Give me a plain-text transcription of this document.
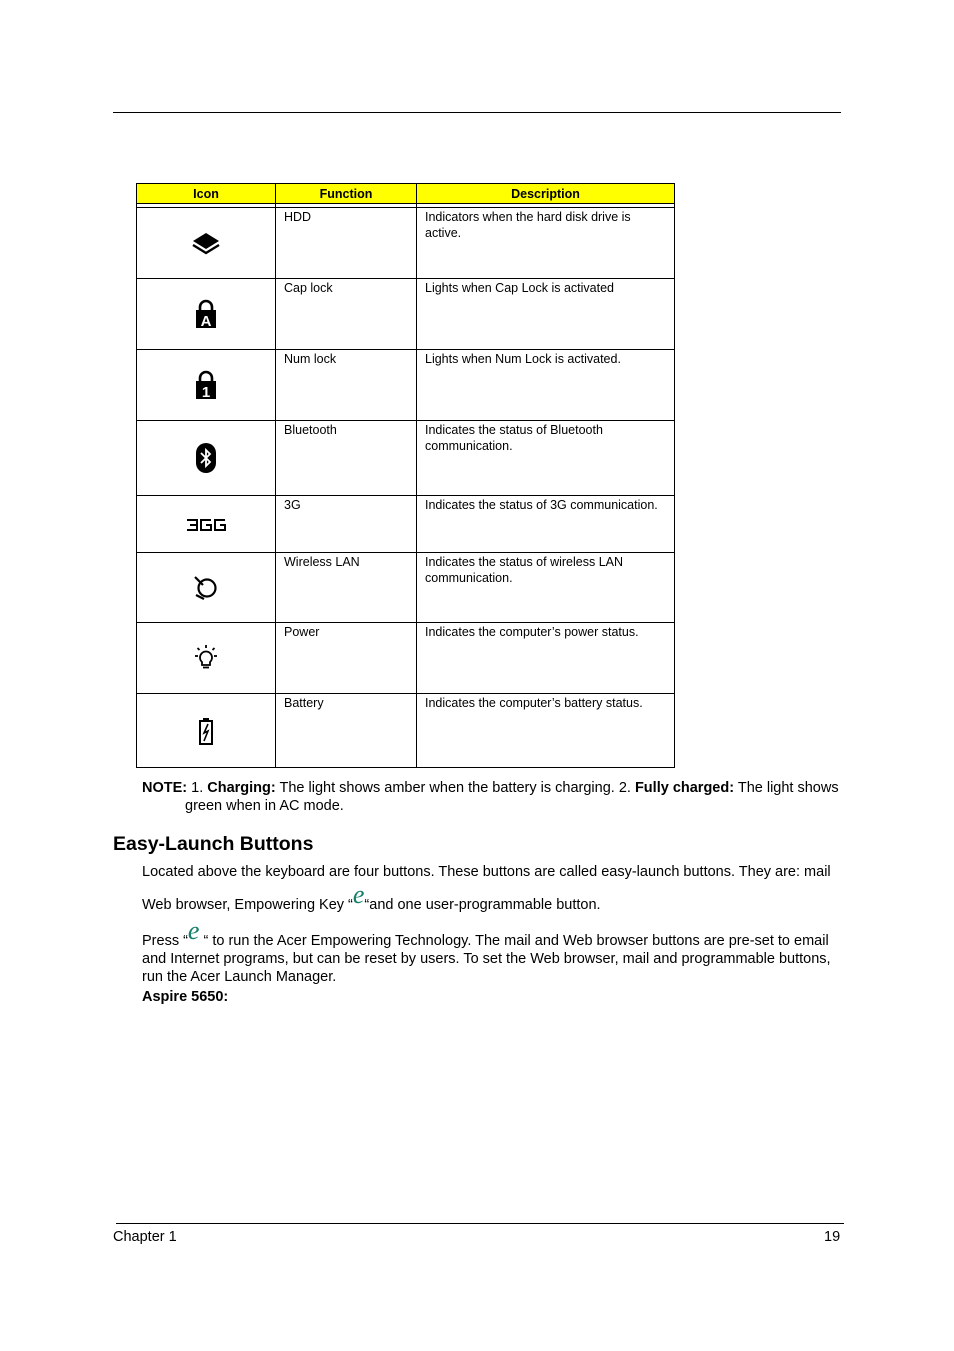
Icon	Function	Description

	HDD	Indicators when the hard disk drive is active.

A	Cap lock	Lights when Cap Lock is activated

1	Num lock	Lights when Num Lock is activated.
	Bluetooth	Indicates the status of Bluetooth communication.
	3G	Indicates the status of 3G communication.
	Wireless LAN	Indicates the status of wireless LAN communication.
	Power	Indicates the computer’s power status.
	Battery	Indicates the computer’s battery status.
NOTE: 1. Charging: The light shows amber when the battery is charging. 2. Fully charged: The light shows
green when in AC mode.
Easy-Launch Buttons
Located above the keyboard are four buttons. These buttons are called easy-launch buttons. They are: mail
Web browser, Empowering Key “e“and one user-programmable button.
Press “e “ to run the Acer Empowering Technology. The mail and Web browser buttons are pre-set to email and Internet programs, but can be reset by users. To set the Web browser, mail and programmable buttons, run the Acer Launch Manager.
Aspire 5650:
Chapter 1	19
